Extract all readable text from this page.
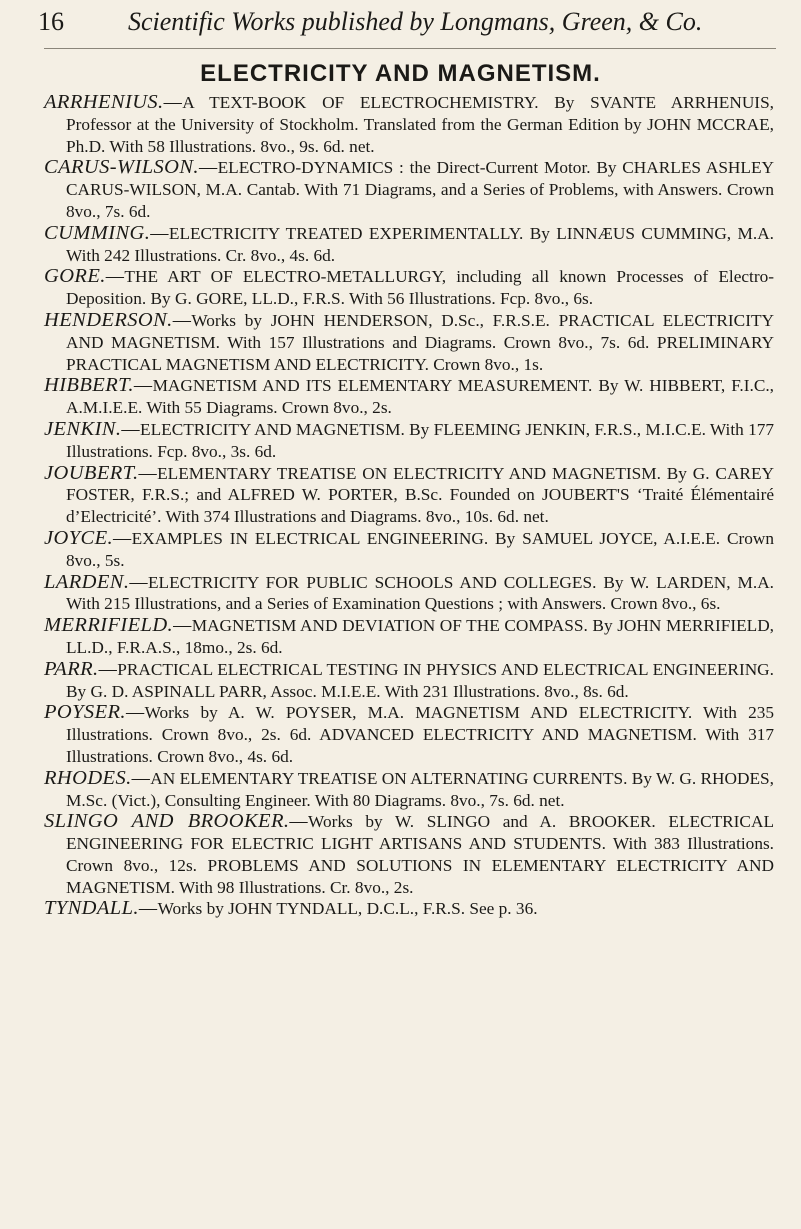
16 Scientific Works published by Longmans, Green, & Co.
ELECTRICITY AND MAGNETISM.

ARRHENIUS.—A TEXT-BOOK OF ELECTROCHEMISTRY. By SVANTE ARRHENUIS, Professor at the University of Stockholm. Translated from the German Edition by JOHN MCCRAE, Ph.D. With 58 Illustrations. 8vo., 9s. 6d. net.

CARUS-WILSON.—ELECTRO-DYNAMICS : the Direct-Current Motor. By CHARLES ASHLEY CARUS-WILSON, M.A. Cantab. With 71 Diagrams, and a Series of Problems, with Answers. Crown 8vo., 7s. 6d.

CUMMING.—ELECTRICITY TREATED EXPERIMENTALLY. By LINNÆUS CUMMING, M.A. With 242 Illustrations. Cr. 8vo., 4s. 6d.

GORE.—THE ART OF ELECTRO-METALLURGY, including all known Processes of Electro-Deposition. By G. GORE, LL.D., F.R.S. With 56 Illustrations. Fcp. 8vo., 6s.

HENDERSON.—Works by JOHN HENDERSON, D.Sc., F.R.S.E. PRACTICAL ELECTRICITY AND MAGNETISM. With 157 Illustrations and Diagrams. Crown 8vo., 7s. 6d. PRELIMINARY PRACTICAL MAGNETISM AND ELECTRICITY. Crown 8vo., 1s.

HIBBERT.—MAGNETISM AND ITS ELEMENTARY MEASUREMENT. By W. HIBBERT, F.I.C., A.M.I.E.E. With 55 Diagrams. Crown 8vo., 2s.

JENKIN.—ELECTRICITY AND MAGNETISM. By FLEEMING JENKIN, F.R.S., M.I.C.E. With 177 Illustrations. Fcp. 8vo., 3s. 6d.

JOUBERT.—ELEMENTARY TREATISE ON ELECTRICITY AND MAGNETISM. By G. CAREY FOSTER, F.R.S.; and ALFRED W. PORTER, B.Sc. Founded on JOUBERT'S ‘Traité Élémentairé d’Electricité’. With 374 Illustrations and Diagrams. 8vo., 10s. 6d. net.

JOYCE.—EXAMPLES IN ELECTRICAL ENGINEERING. By SAMUEL JOYCE, A.I.E.E. Crown 8vo., 5s.

LARDEN.—ELECTRICITY FOR PUBLIC SCHOOLS AND COLLEGES. By W. LARDEN, M.A. With 215 Illustrations, and a Series of Examination Questions ; with Answers. Crown 8vo., 6s.

MERRIFIELD.—MAGNETISM AND DEVIATION OF THE COMPASS. By JOHN MERRIFIELD, LL.D., F.R.A.S., 18mo., 2s. 6d.

PARR.—PRACTICAL ELECTRICAL TESTING IN PHYSICS AND ELECTRICAL ENGINEERING. By G. D. ASPINALL PARR, Assoc. M.I.E.E. With 231 Illustrations. 8vo., 8s. 6d.

POYSER.—Works by A. W. POYSER, M.A. MAGNETISM AND ELECTRICITY. With 235 Illustrations. Crown 8vo., 2s. 6d. ADVANCED ELECTRICITY AND MAGNETISM. With 317 Illustrations. Crown 8vo., 4s. 6d.

RHODES.—AN ELEMENTARY TREATISE ON ALTERNATING CURRENTS. By W. G. RHODES, M.Sc. (Vict.), Consulting Engineer. With 80 Diagrams. 8vo., 7s. 6d. net.

SLINGO AND BROOKER.—Works by W. SLINGO and A. BROOKER. ELECTRICAL ENGINEERING FOR ELECTRIC LIGHT ARTISANS AND STUDENTS. With 383 Illustrations. Crown 8vo., 12s. PROBLEMS AND SOLUTIONS IN ELEMENTARY ELECTRICITY AND MAGNETISM. With 98 Illustrations. Cr. 8vo., 2s.

TYNDALL.—Works by JOHN TYNDALL, D.C.L., F.R.S. See p. 36.
